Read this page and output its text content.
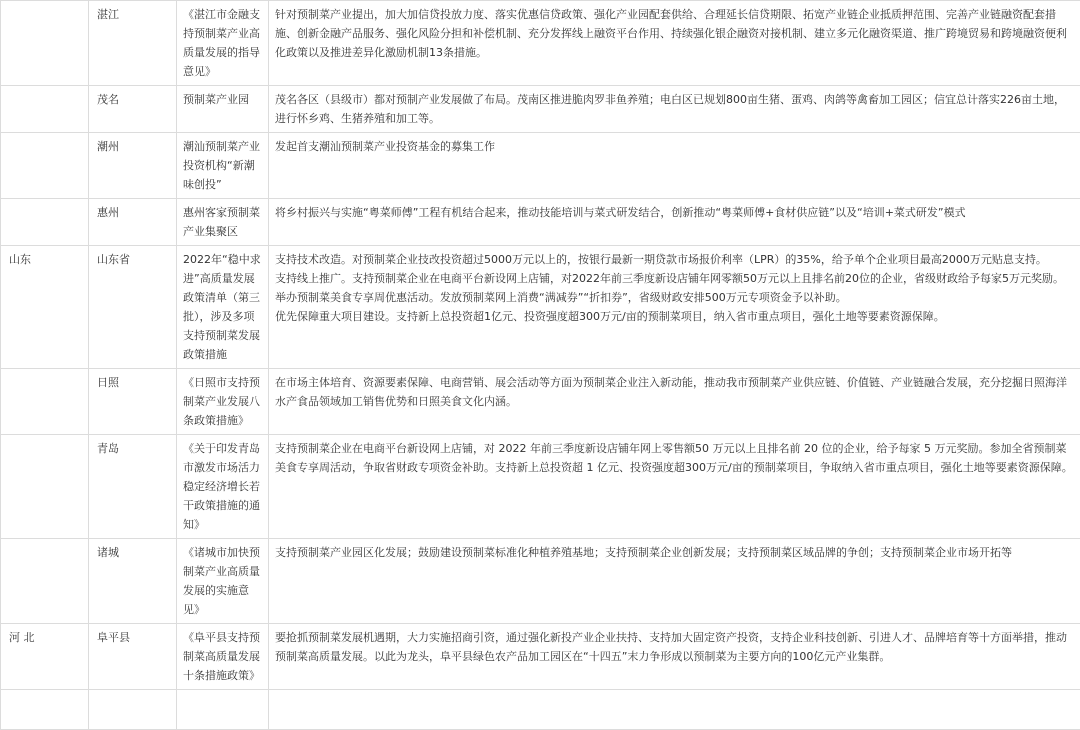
	湛江	《湛江市金融支持预制菜产业高质量发展的指导意见》	针对预制菜产业提出，加大加信贷投放力度、落实优惠信贷政策、强化产业园配套供给、合理延长信贷期限、拓宽产业链企业抵质押范围、完善产业链融资配套措施、创新金融产品服务、强化风险分担和补偿机制、充分发挥线上融资平台作用、持续强化银企融资对接机制、建立多元化融资渠道、推广跨境贸易和跨境融资便利化政策以及推进差异化激励机制13条措施。

	茂名	预制菜产业园	茂名各区（县级市）都对预制产业发展做了布局。茂南区推进脆肉罗非鱼养殖；电白区已规划800亩生猪、蛋鸡、肉鸽等禽畜加工园区；信宜总计落实226亩土地，进行怀乡鸡、生猪养殖和加工等。

	潮州	潮汕预制菜产业投资机构“新潮味创投”	发起首支潮汕预制菜产业投资基金的募集工作

	惠州	惠州客家预制菜产业集聚区	将乡村振兴与实施“粤菜师傅”工程有机结合起来，推动技能培训与菜式研发结合，创新推动“粤菜师傅+食材供应链”以及“培训+菜式研发”模式

山东	山东省	2022年“稳中求进”高质量发展政策清单（第三批），涉及多项支持预制菜发展政策措施	支持技术改造。对预制菜企业技改投资超过5000万元以上的，按银行最新一期贷款市场报价利率（LPR）的35%，给予单个企业项目最高2000万元贴息支持。
支持线上推广。支持预制菜企业在电商平台新设网上店铺，对2022年前三季度新设店铺年网零额50万元以上且排名前20位的企业，省级财政给予每家5万元奖励。
举办预制菜美食专享周优惠活动。发放预制菜网上消费“满减券”“折扣券”，省级财政安排500万元专项资金予以补助。
优先保障重大项目建设。支持新上总投资超1亿元、投资强度超300万元/亩的预制菜项目，纳入省市重点项目，强化土地等要素资源保障。

	日照	《日照市支持预制菜产业发展八条政策措施》	在市场主体培育、资源要素保障、电商营销、展会活动等方面为预制菜企业注入新动能，推动我市预制菜产业供应链、价值链、产业链融合发展，充分挖掘日照海洋水产食品领域加工销售优势和日照美食文化内涵。

	青岛	《关于印发青岛市激发市场活力稳定经济增长若干政策措施的通知》	支持预制菜企业在电商平台新设网上店铺，对 2022 年前三季度新设店铺年网上零售额50 万元以上且排名前 20 位的企业，给予每家 5 万元奖励。参加全省预制菜美食专享周活动，争取省财政专项资金补助。支持新上总投资超 1 亿元、投资强度超300万元/亩的预制菜项目，争取纳入省市重点项目，强化土地等要素资源保障。

	诸城	《诸城市加快预制菜产业高质量发展的实施意见》	支持预制菜产业园区化发展；鼓励建设预制菜标准化种植养殖基地；支持预制菜企业创新发展；支持预制菜区域品牌的争创；支持预制菜企业市场开拓等

河 北	阜平县	《阜平县支持预制菜高质量发展十条措施政策》	要抢抓预制菜发展机遇期，大力实施招商引资，通过强化新投产业企业扶持、支持加大固定资产投资，支持企业科技创新、引进人才、品牌培育等十方面举措，推动预制菜高质量发展。以此为龙头，阜平县绿色农产品加工园区在“十四五”末力争形成以预制菜为主要方向的100亿元产业集群。
